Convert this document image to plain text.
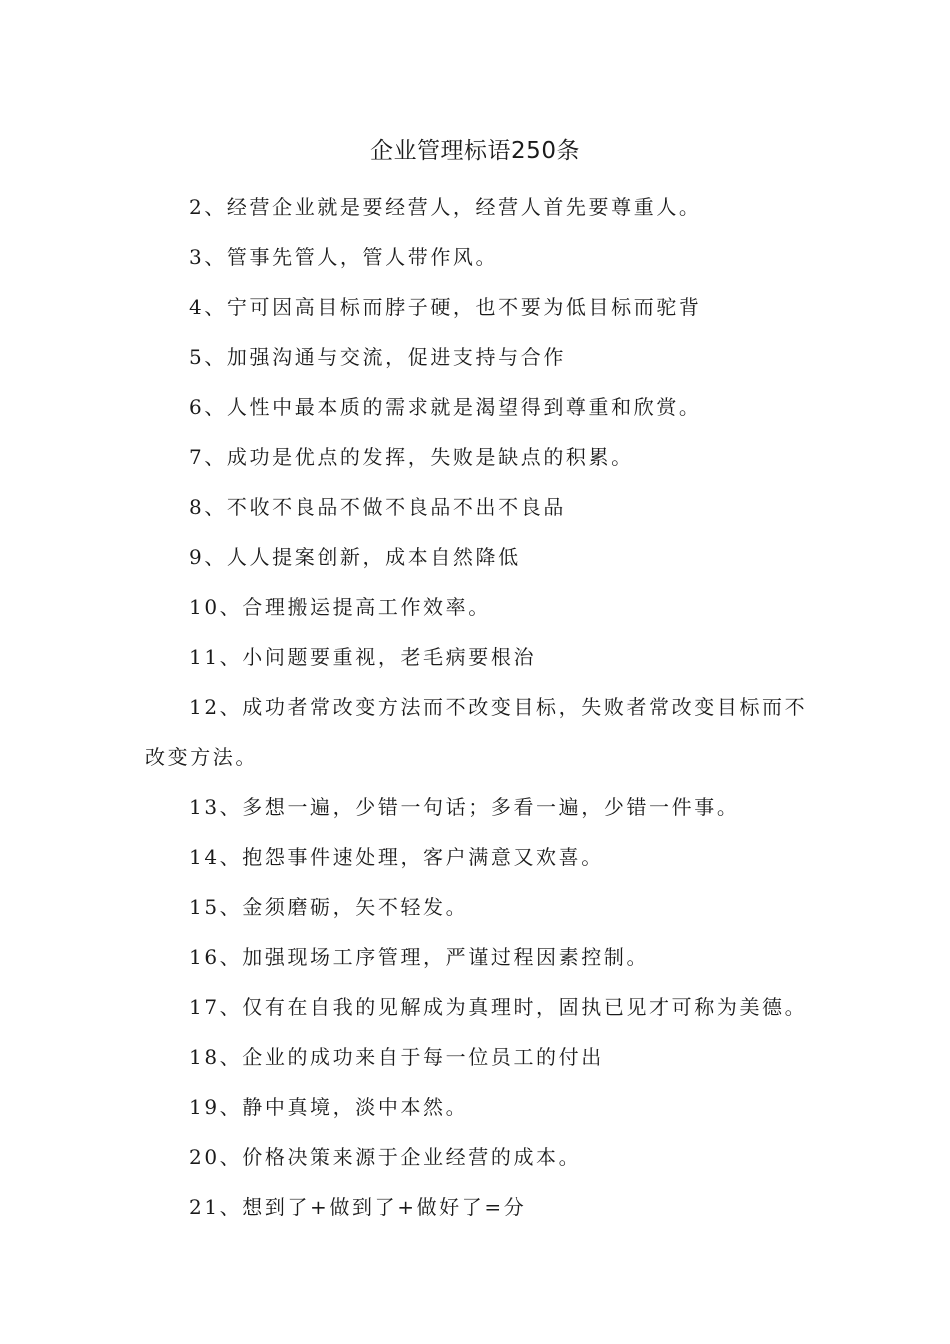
企业管理标语250条
2、经营企业就是要经营人，经营人首先要尊重人。
3、管事先管人，管人带作风。
4、宁可因高目标而脖子硬，也不要为低目标而驼背
5、加强沟通与交流，促进支持与合作
6、人性中最本质的需求就是渴望得到尊重和欣赏。
7、成功是优点的发挥，失败是缺点的积累。
8、不收不良品不做不良品不出不良品
9、人人提案创新，成本自然降低
10、合理搬运提高工作效率。
11、小问题要重视，老毛病要根治
12、成功者常改变方法而不改变目标，失败者常改变目标而不改变方法。
13、多想一遍，少错一句话；多看一遍，少错一件事。
14、抱怨事件速处理，客户满意又欢喜。
15、金须磨砺，矢不轻发。
16、加强现场工序管理，严谨过程因素控制。
17、仅有在自我的见解成为真理时，固执已见才可称为美德。
18、企业的成功来自于每一位员工的付出
19、静中真境，淡中本然。
20、价格决策来源于企业经营的成本。
21、想到了+做到了+做好了=分
